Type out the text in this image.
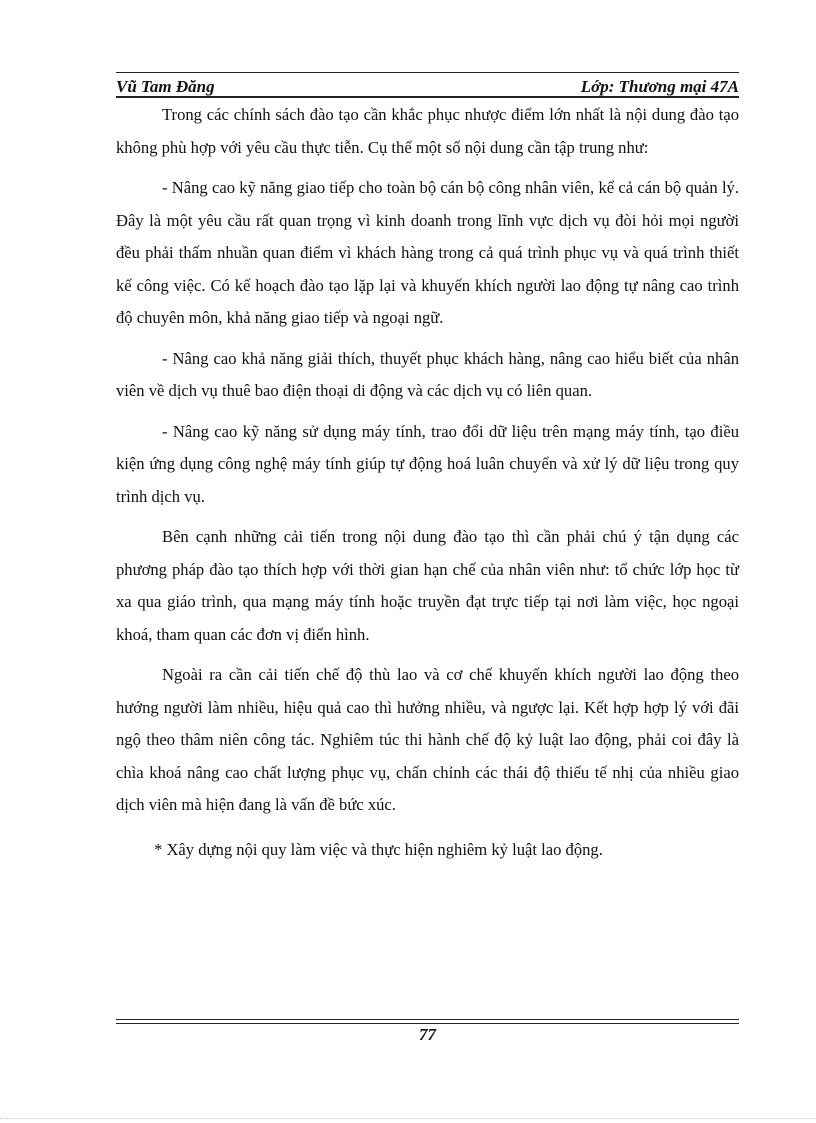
Vũ Tam Đăng	Lớp: Thương mại 47A

Trong các chính sách đào tạo cần khắc phục nhược điểm lớn nhất là nội dung đào tạo không phù hợp với yêu cầu thực tiễn. Cụ thể một số nội dung cần tập trung như:

- Nâng cao kỹ năng giao tiếp cho toàn bộ cán bộ công nhân viên, kể cả cán bộ quản lý. Đây là một yêu cầu rất quan trọng vì kinh doanh trong lĩnh vực dịch vụ đòi hỏi mọi người đều phải thấm nhuần quan điểm vì khách hàng trong cả quá trình phục vụ và quá trình thiết kế công việc. Có kế hoạch đào tạo lặp lại và khuyến khích người lao động tự nâng cao trình độ chuyên môn, khả năng giao tiếp và ngoại ngữ.

- Nâng cao khả năng giải thích, thuyết phục khách hàng, nâng cao hiểu biết của nhân viên về dịch vụ thuê bao điện thoại di động và các dịch vụ có liên quan.

- Nâng cao kỹ năng sử dụng máy tính, trao đổi dữ liệu trên mạng máy tính, tạo điều kiện ứng dụng công nghệ máy tính giúp tự động hoá luân chuyển và xử lý dữ liệu trong quy trình dịch vụ.

Bên cạnh những cải tiến trong nội dung đào tạo thì cần phải chú ý tận dụng các phương pháp đào tạo thích hợp với thời gian hạn chế của nhân viên như: tổ chức lớp học từ xa qua giáo trình, qua mạng máy tính hoặc truyền đạt trực tiếp tại nơi làm việc, học ngoại khoá, tham quan các đơn vị điển hình.

Ngoài ra cần cải tiến chế độ thù lao và cơ chế khuyến khích người lao động theo hướng người làm nhiều, hiệu quả cao thì hưởng nhiều, và ngược lại. Kết hợp hợp lý với đãi ngộ theo thâm niên công tác. Nghiêm túc thi hành chế độ kỷ luật lao động, phải coi đây là chìa khoá nâng cao chất lượng phục vụ, chấn chỉnh các thái độ thiếu tế nhị của nhiều giao dịch viên mà hiện đang là vấn đề bức xúc.

* Xây dựng nội quy làm việc và thực hiện nghiêm kỷ luật lao động.

77
